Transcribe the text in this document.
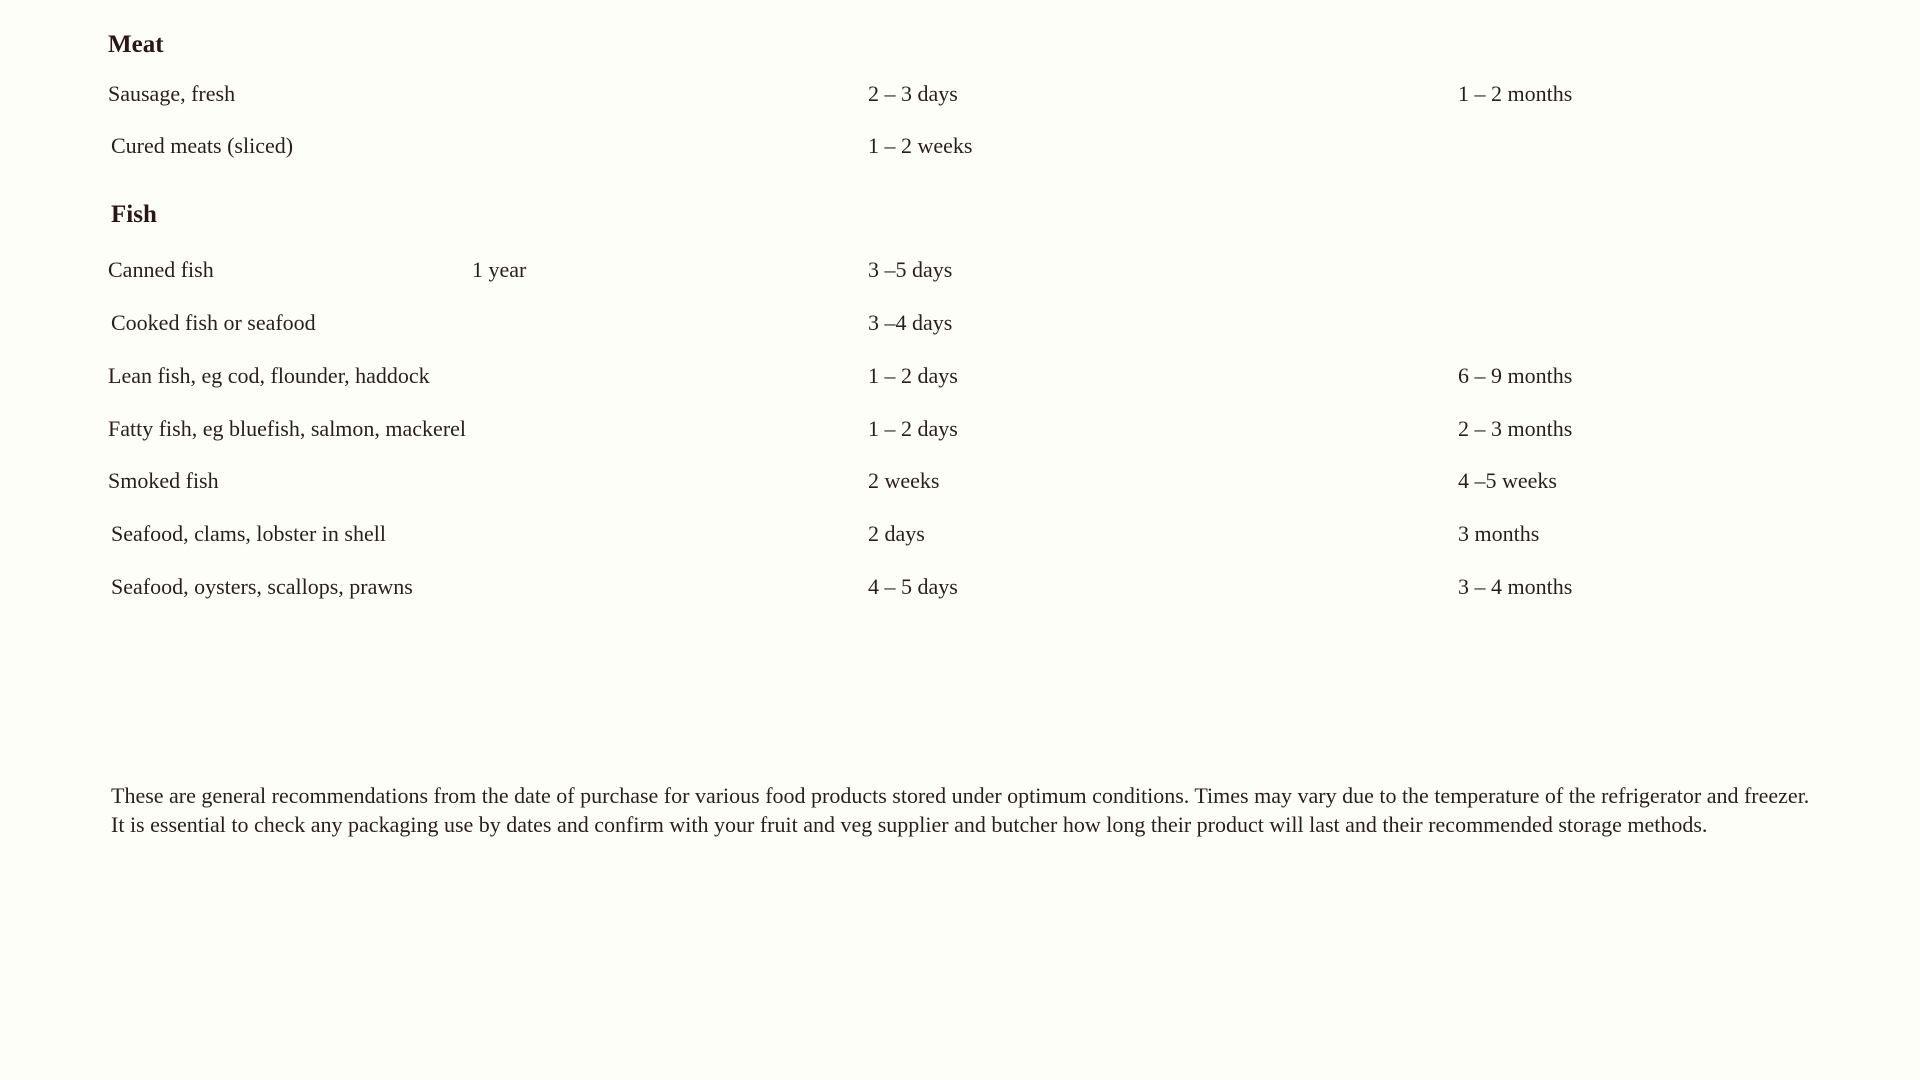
Meat
Sausage, fresh	2 – 3 days	1 – 2 months
Cured meats (sliced)	1 – 2 weeks
Fish
Canned fish	1 year	3 –5 days
Cooked fish or seafood	3 –4 days
Lean fish, eg cod, flounder, haddock	1 – 2 days	6 – 9 months
Fatty fish, eg bluefish, salmon, mackerel	1 – 2 days	2 – 3 months
Smoked fish	2 weeks	4 –5 weeks
Seafood, clams, lobster in shell	2 days	3 months
Seafood, oysters, scallops, prawns	4 – 5 days	3 – 4 months
These are general recommendations from the date of purchase for various food products stored under optimum conditions. Times may vary due to the temperature of the refrigerator and freezer.
It is essential to check any packaging use by dates and confirm with your fruit and veg supplier and butcher how long their product will last and their recommended storage methods.
